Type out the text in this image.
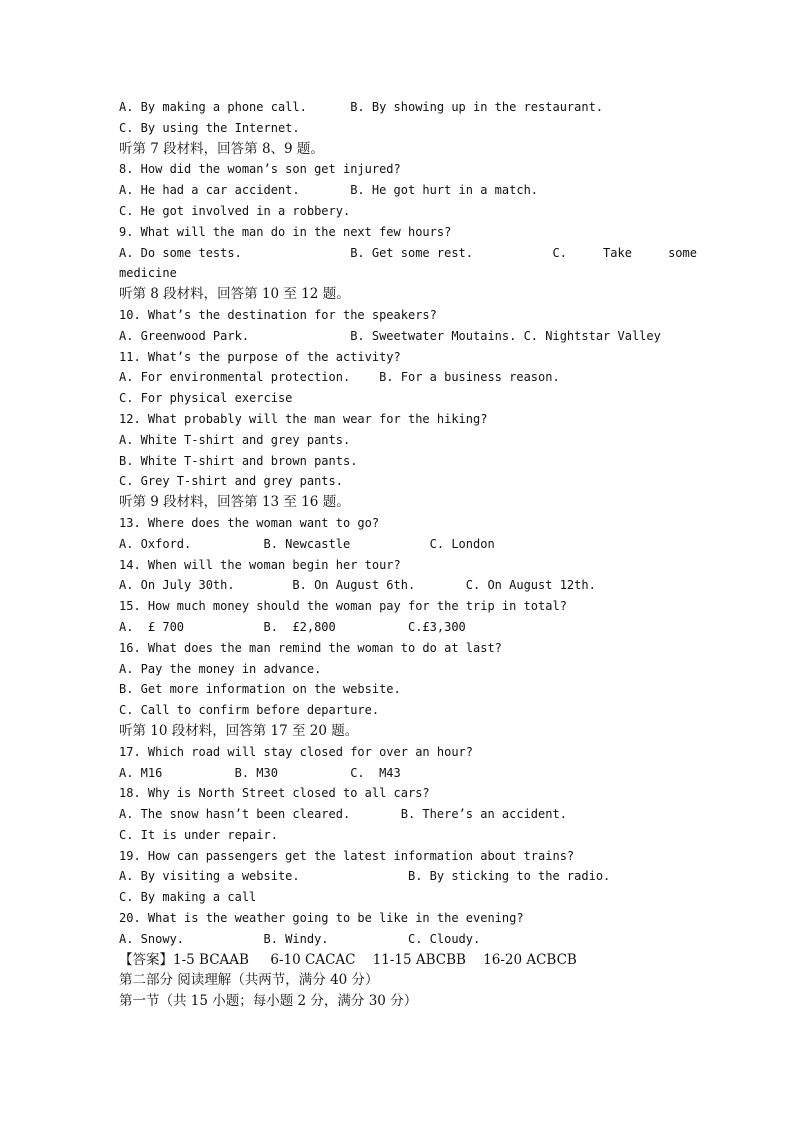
A. By making a phone call.      B. By showing up in the restaurant.
C. By using the Internet.
听第 7 段材料，回答第 8、9 题。
8. How did the woman’s son get injured?
A. He had a car accident.       B. He got hurt in a match.
C. He got involved in a robbery.
9. What will the man do in the next few hours?
A. Do some tests.               B. Get some rest.           C.     Take     some
medicine
听第 8 段材料，回答第 10 至 12 题。
10. What’s the destination for the speakers?
A. Greenwood Park.              B. Sweetwater Moutains. C. Nightstar Valley
11. What’s the purpose of the activity?
A. For environmental protection.    B. For a business reason.
C. For physical exercise
12. What probably will the man wear for the hiking?
A. White T-shirt and grey pants.
B. White T-shirt and brown pants.
C. Grey T-shirt and grey pants.
听第 9 段材料，回答第 13 至 16 题。
13. Where does the woman want to go?
A. Oxford.          B. Newcastle           C. London
14. When will the woman begin her tour?
A. On July 30th.        B. On August 6th.       C. On August 12th.
15. How much money should the woman pay for the trip in total?
A.  £ 700           B.  £2,800          C.£3,300
16. What does the man remind the woman to do at last?
A. Pay the money in advance.
B. Get more information on the website.
C. Call to confirm before departure.
听第 10 段材料，回答第 17 至 20 题。
17. Which road will stay closed for over an hour?
A. M16          B. M30          C.  M43
18. Why is North Street closed to all cars?
A. The snow hasn’t been cleared.       B. There’s an accident.
C. It is under repair.
19. How can passengers get the latest information about trains?
A. By visiting a website.               B. By sticking to the radio.
C. By making a call
20. What is the weather going to be like in the evening?
A. Snowy.           B. Windy.           C. Cloudy.
【答案】1-5 BCAAB     6-10 CACAC    11-15 ABCBB    16-20 ACBCB
第二部分 阅读理解（共两节，满分 40 分）
第一节（共 15 小题；每小题 2 分，满分 30 分）
